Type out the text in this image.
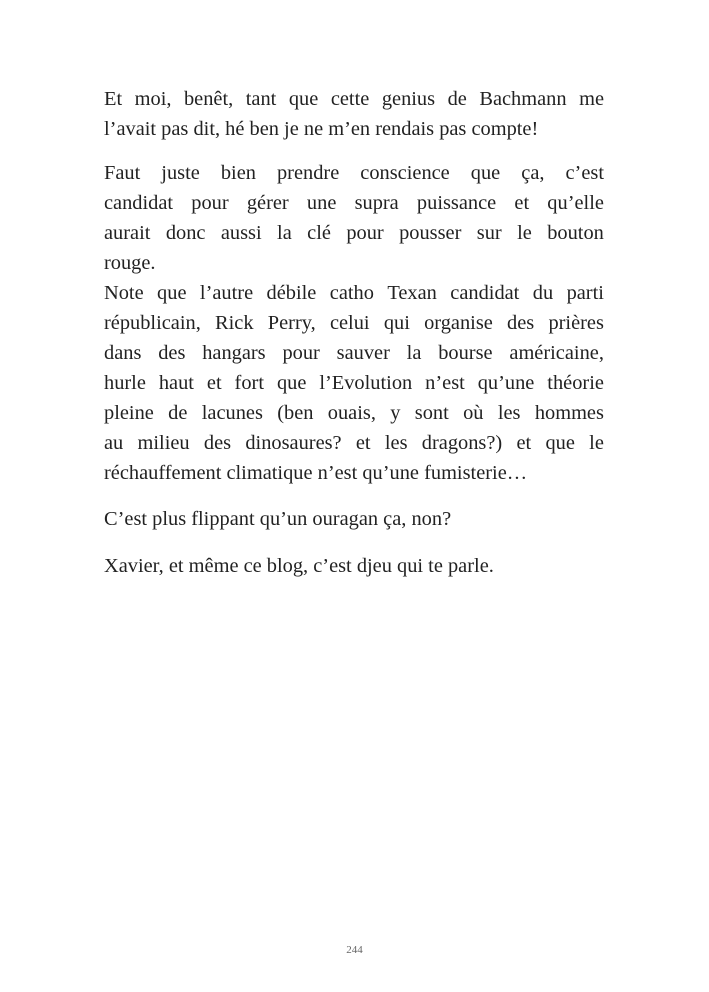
Et moi, benêt, tant que cette genius de Bachmann me
l’avait pas dit, hé ben je ne m’en rendais pas compte!

Faut juste bien prendre conscience que ça, c’est
candidat pour gérer une supra puissance et qu’elle
aurait donc aussi la clé pour pousser sur le bouton
rouge.

Note que l’autre débile catho Texan candidat du parti
républicain, Rick Perry, celui qui organise des prières
dans des hangars pour sauver la bourse américaine,
hurle haut et fort que l’Evolution n’est qu’une théorie
pleine de lacunes (ben ouais, y sont où les hommes
au milieu des dinosaures? et les dragons?) et que le
réchauffement climatique n’est qu’une fumisterie…

C’est plus flippant qu’un ouragan ça, non?

Xavier, et même ce blog, c’est djeu qui te parle.

244
